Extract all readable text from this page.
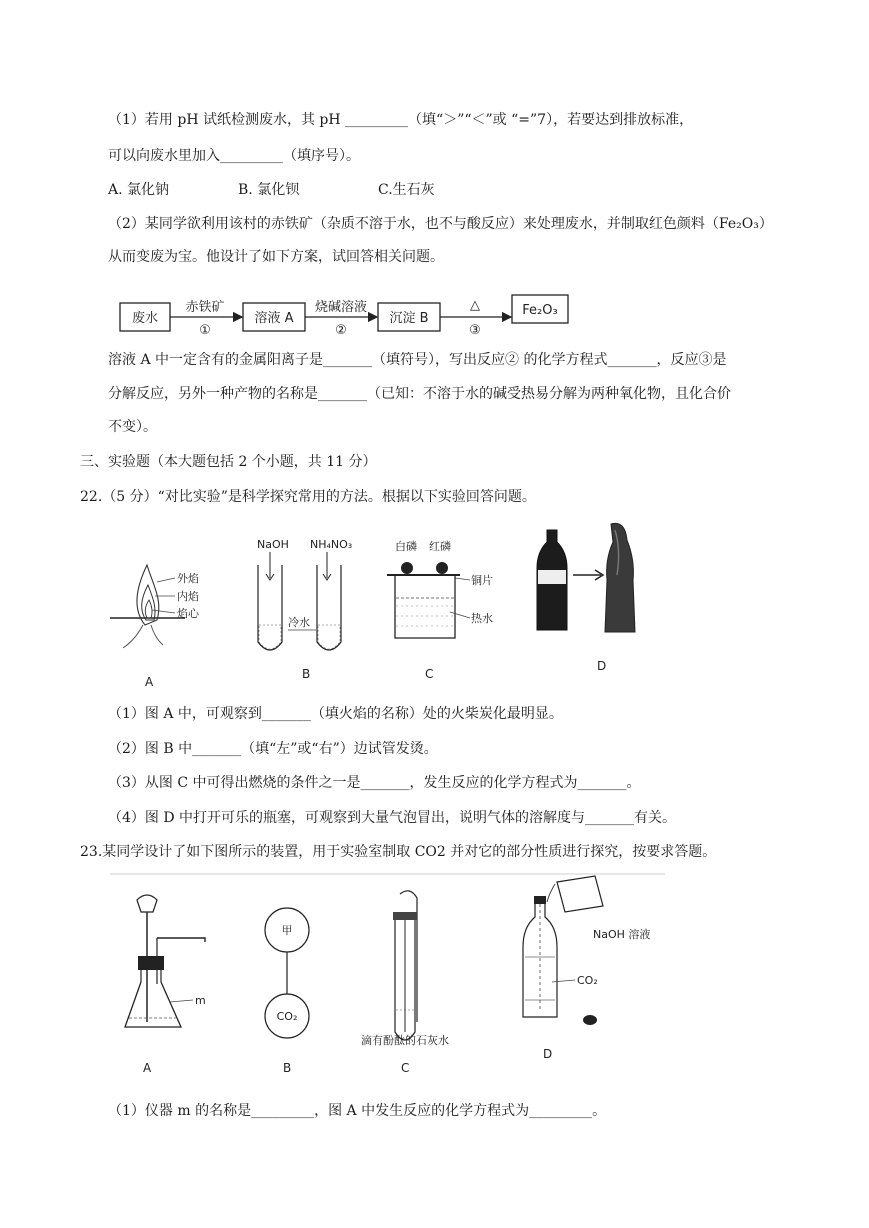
（1）若用 pH 试纸检测废水，其 pH _________（填“＞”“＜”或 “=”7），若要达到排放标准，
可以向废水里加入_________（填序号）。
A. 氯化钠	B. 氯化钡	C.生石灰
（2）某同学欲利用该村的赤铁矿（杂质不溶于水，也不与酸反应）来处理废水，并制取红色颜料（Fe₂O₃）
从而变废为宝。他设计了如下方案，试回答相关问题。
废水
赤铁矿
①
溶液 A
烧碱溶液
②
沉淀 B
△
③
Fe₂O₃
溶液 A 中一定含有的金属阳离子是_______（填符号），写出反应② 的化学方程式_______，反应③是
分解反应，另外一种产物的名称是_______（已知：不溶于水的碱受热易分解为两种氧化物，且化合价
不变）。
三、实验题（本大题包括 2 个小题，共 11 分）
22.（5 分）“对比实验”是科学探究常用的方法。根据以下实验回答问题。
外焰
内焰
焰心
A
NaOH NH₄NO₃
冷水
B
白磷 红磷
铜片
热水
C
D
（1）图 A 中，可观察到_______（填火焰的名称）处的火柴炭化最明显。
（2）图 B 中_______（填“左”或“右”）边试管发烫。
（3）从图 C 中可得出燃烧的条件之一是_______，发生反应的化学方程式为_______。
（4）图 D 中打开可乐的瓶塞，可观察到大量气泡冒出，说明气体的溶解度与_______有关。
23.某同学设计了如下图所示的装置，用于实验室制取 CO2 并对它的部分性质进行探究，按要求答题。
m
A
甲
CO₂
B
滴有酚酞的石灰水
C
CO₂
NaOH 溶液
D
（1）仪器 m 的名称是_________，图 A 中发生反应的化学方程式为_________。
